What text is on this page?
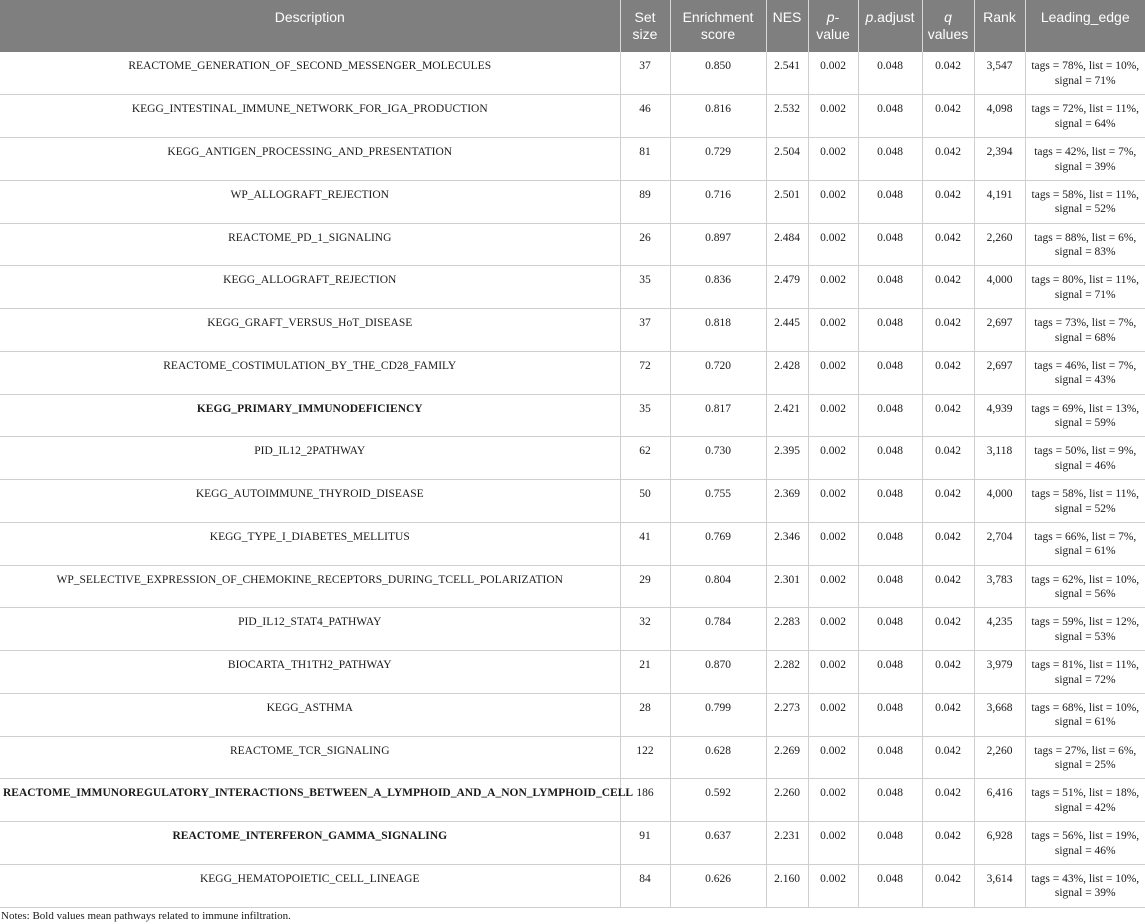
Description	Set size	Enrichment score	NES	p-value	p.adjust	q values	Rank	Leading_edge
REACTOME_GENERATION_OF_SECOND_MESSENGER_MOLECULES	37	0.850	2.541	0.002	0.048	0.042	3,547	tags = 78%, list = 10%, signal = 71%
KEGG_INTESTINAL_IMMUNE_NETWORK_FOR_IGA_PRODUCTION	46	0.816	2.532	0.002	0.048	0.042	4,098	tags = 72%, list = 11%, signal = 64%
KEGG_ANTIGEN_PROCESSING_AND_PRESENTATION	81	0.729	2.504	0.002	0.048	0.042	2,394	tags = 42%, list = 7%, signal = 39%
WP_ALLOGRAFT_REJECTION	89	0.716	2.501	0.002	0.048	0.042	4,191	tags = 58%, list = 11%, signal = 52%
REACTOME_PD_1_SIGNALING	26	0.897	2.484	0.002	0.048	0.042	2,260	tags = 88%, list = 6%, signal = 83%
KEGG_ALLOGRAFT_REJECTION	35	0.836	2.479	0.002	0.048	0.042	4,000	tags = 80%, list = 11%, signal = 71%
KEGG_GRAFT_VERSUS_HoT_DISEASE	37	0.818	2.445	0.002	0.048	0.042	2,697	tags = 73%, list = 7%, signal = 68%
REACTOME_COSTIMULATION_BY_THE_CD28_FAMILY	72	0.720	2.428	0.002	0.048	0.042	2,697	tags = 46%, list = 7%, signal = 43%
KEGG_PRIMARY_IMMUNODEFICIENCY	35	0.817	2.421	0.002	0.048	0.042	4,939	tags = 69%, list = 13%, signal = 59%
PID_IL12_2PATHWAY	62	0.730	2.395	0.002	0.048	0.042	3,118	tags = 50%, list = 9%, signal = 46%
KEGG_AUTOIMMUNE_THYROID_DISEASE	50	0.755	2.369	0.002	0.048	0.042	4,000	tags = 58%, list = 11%, signal = 52%
KEGG_TYPE_I_DIABETES_MELLITUS	41	0.769	2.346	0.002	0.048	0.042	2,704	tags = 66%, list = 7%, signal = 61%
WP_SELECTIVE_EXPRESSION_OF_CHEMOKINE_RECEPTORS_DURING_TCELL_POLARIZATION	29	0.804	2.301	0.002	0.048	0.042	3,783	tags = 62%, list = 10%, signal = 56%
PID_IL12_STAT4_PATHWAY	32	0.784	2.283	0.002	0.048	0.042	4,235	tags = 59%, list = 12%, signal = 53%
BIOCARTA_TH1TH2_PATHWAY	21	0.870	2.282	0.002	0.048	0.042	3,979	tags = 81%, list = 11%, signal = 72%
KEGG_ASTHMA	28	0.799	2.273	0.002	0.048	0.042	3,668	tags = 68%, list = 10%, signal = 61%
REACTOME_TCR_SIGNALING	122	0.628	2.269	0.002	0.048	0.042	2,260	tags = 27%, list = 6%, signal = 25%
REACTOME_IMMUNOREGULATORY_INTERACTIONS_BETWEEN_A_LYMPHOID_AND_A_NON_LYMPHOID_CELL	186	0.592	2.260	0.002	0.048	0.042	6,416	tags = 51%, list = 18%, signal = 42%
REACTOME_INTERFERON_GAMMA_SIGNALING	91	0.637	2.231	0.002	0.048	0.042	6,928	tags = 56%, list = 19%, signal = 46%
KEGG_HEMATOPOIETIC_CELL_LINEAGE	84	0.626	2.160	0.002	0.048	0.042	3,614	tags = 43%, list = 10%, signal = 39%
Notes: Bold values mean pathways related to immune infiltration.
